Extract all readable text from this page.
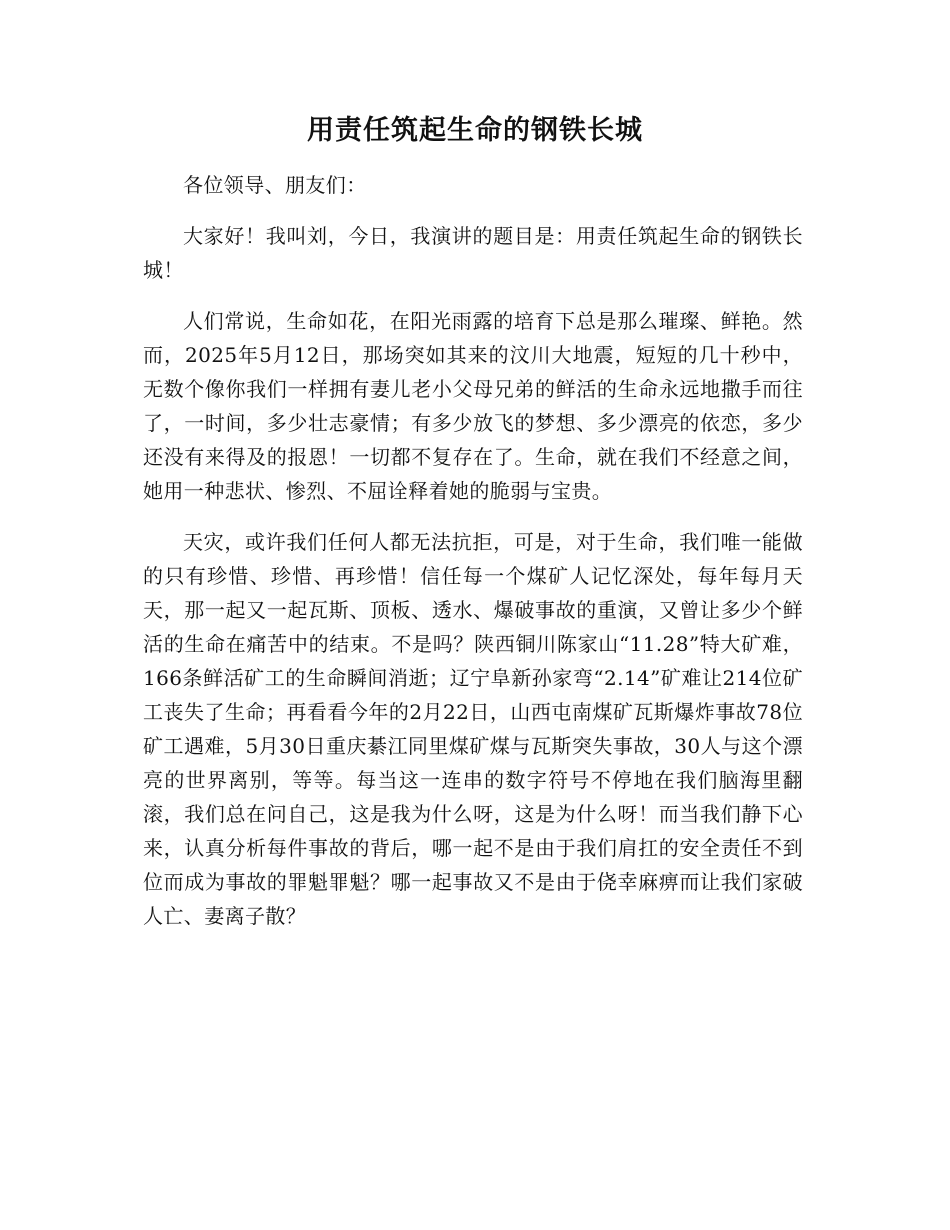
用责任筑起生命的钢铁长城

各位领导、朋友们：

大家好！我叫刘，今日，我演讲的题目是：用责任筑起生命的钢铁长城！

人们常说，生命如花，在阳光雨露的培育下总是那么璀璨、鲜艳。然而，2025年5月12日，那场突如其来的汶川大地震，短短的几十秒中，无数个像你我们一样拥有妻儿老小父母兄弟的鲜活的生命永远地撒手而往了，一时间，多少壮志豪情；有多少放飞的梦想、多少漂亮的依恋，多少还没有来得及的报恩！一切都不复存在了。生命，就在我们不经意之间，她用一种悲状、惨烈、不屈诠释着她的脆弱与宝贵。

天灾，或许我们任何人都无法抗拒，可是，对于生命，我们唯一能做的只有珍惜、珍惜、再珍惜！信任每一个煤矿人记忆深处，每年每月天天，那一起又一起瓦斯、顶板、透水、爆破事故的重演，又曾让多少个鲜活的生命在痛苦中的结束。不是吗？陕西铜川陈家山“11.28”特大矿难，166条鲜活矿工的生命瞬间消逝；辽宁阜新孙家弯“2.14”矿难让214位矿工丧失了生命；再看看今年的2月22日，山西屯南煤矿瓦斯爆炸事故78位矿工遇难，5月30日重庆綦江同里煤矿煤与瓦斯突失事故，30人与这个漂亮的世界离别，等等。每当这一连串的数字符号不停地在我们脑海里翻滚，我们总在问自己，这是我为什么呀，这是为什么呀！而当我们静下心来，认真分析每件事故的背后，哪一起不是由于我们肩扛的安全责任不到位而成为事故的罪魁罪魁？哪一起事故又不是由于侥幸麻痹而让我们家破人亡、妻离子散？
